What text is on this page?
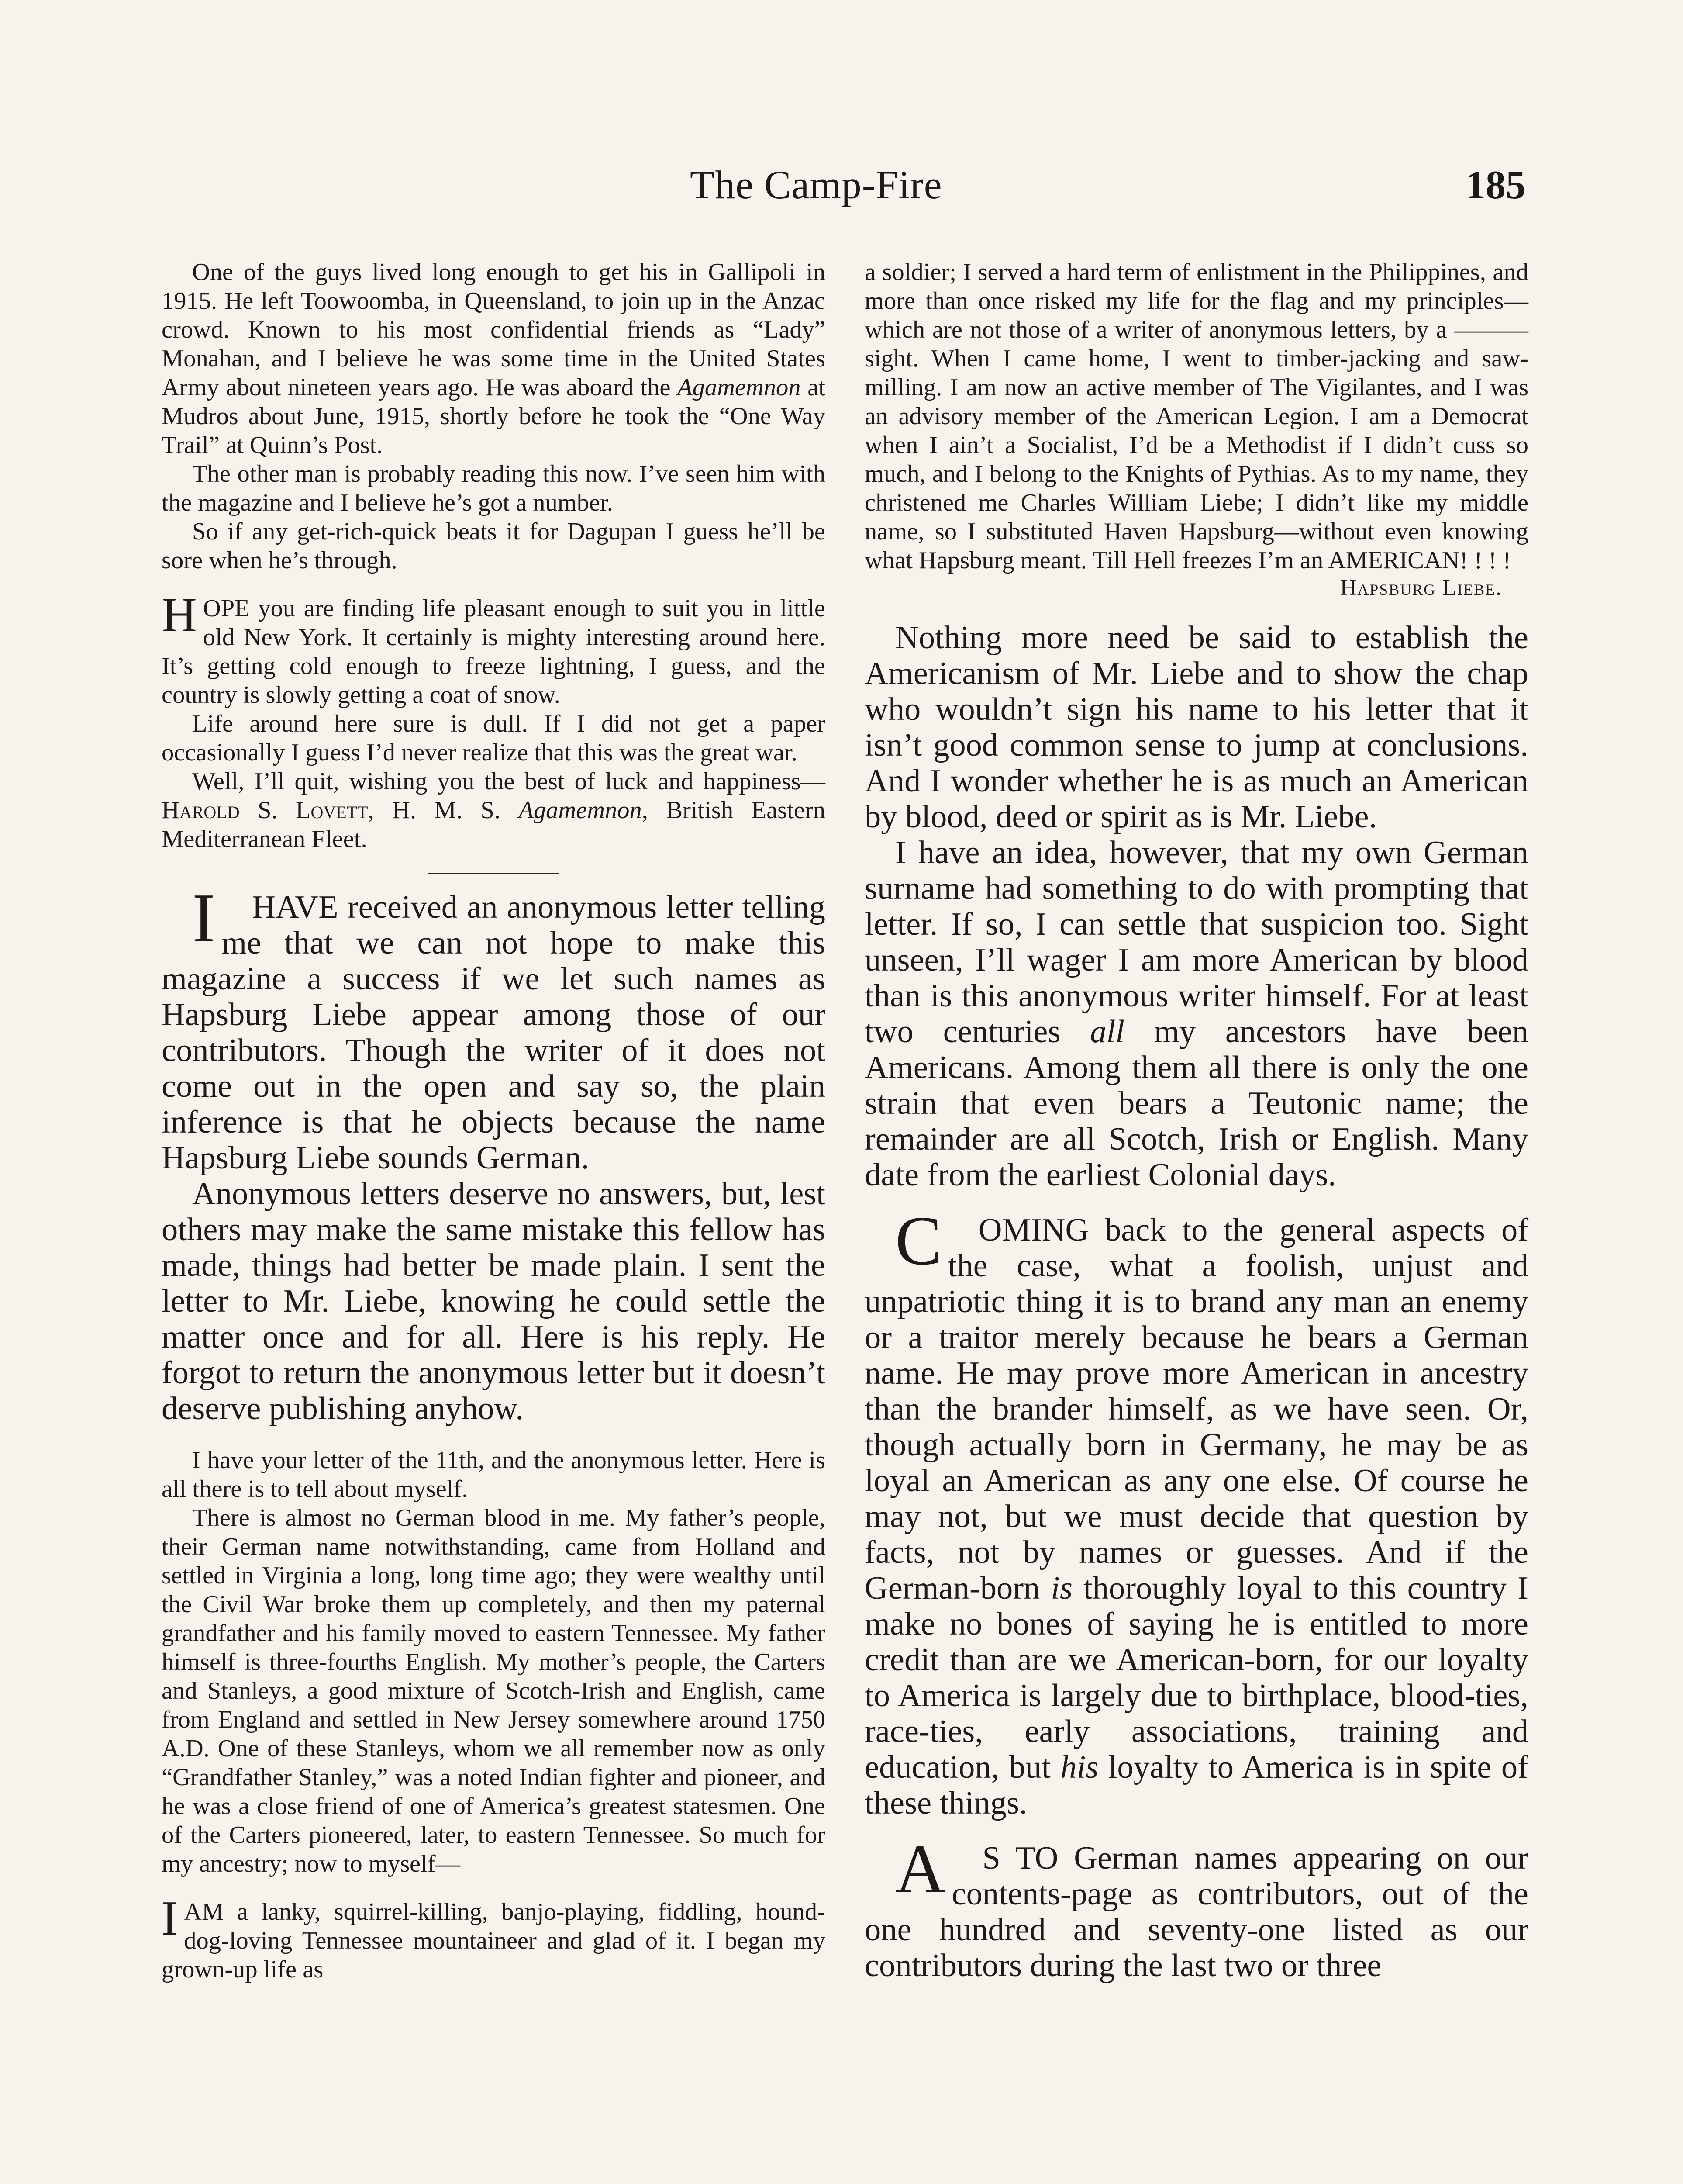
The Camp-Fire	185

One of the guys lived long enough to get his in Gallipoli in 1915. He left Toowoomba, in Queensland, to join up in the Anzac crowd. Known to his most confidential friends as “Lady” Monahan, and I believe he was some time in the United States Army about nineteen years ago. He was aboard the Agamemnon at Mudros about June, 1915, shortly before he took the “One Way Trail” at Quinn’s Post.

The other man is probably reading this now. I’ve seen him with the magazine and I believe he’s got a number.

So if any get-rich-quick beats it for Dagupan I guess he’ll be sore when he’s through.

HOPE you are finding life pleasant enough to suit you in little old New York. It certainly is mighty interesting around here. It’s getting cold enough to freeze lightning, I guess, and the country is slowly getting a coat of snow.

Life around here sure is dull. If I did not get a paper occasionally I guess I’d never realize that this was the great war.

Well, I’ll quit, wishing you the best of luck and happiness—Harold S. Lovett, H. M. S. Agamemnon, British Eastern Mediterranean Fleet.

I HAVE received an anonymous letter telling me that we can not hope to make this magazine a success if we let such names as Hapsburg Liebe appear among those of our contributors. Though the writer of it does not come out in the open and say so, the plain inference is that he objects because the name Hapsburg Liebe sounds German.

Anonymous letters deserve no answers, but, lest others may make the same mistake this fellow has made, things had better be made plain. I sent the letter to Mr. Liebe, knowing he could settle the matter once and for all. Here is his reply. He forgot to return the anonymous letter but it doesn’t deserve publishing anyhow.

I have your letter of the 11th, and the anonymous letter. Here is all there is to tell about myself.

There is almost no German blood in me. My father’s people, their German name notwithstanding, came from Holland and settled in Virginia a long, long time ago; they were wealthy until the Civil War broke them up completely, and then my paternal grandfather and his family moved to eastern Tennessee. My father himself is three-fourths English. My mother’s people, the Carters and Stanleys, a good mixture of Scotch-Irish and English, came from England and settled in New Jersey somewhere around 1750 A.D. One of these Stanleys, whom we all remember now as only “Grandfather Stanley,” was a noted Indian fighter and pioneer, and he was a close friend of one of America’s greatest statesmen. One of the Carters pioneered, later, to eastern Tennessee. So much for my ancestry; now to myself—

IAM a lanky, squirrel-killing, banjo-playing, fiddling, hound-dog-loving Tennessee mountaineer and glad of it. I began my grown-up life as

a soldier; I served a hard term of enlistment in the Philippines, and more than once risked my life for the flag and my principles—which are not those of a writer of anonymous letters, by a ——— sight. When I came home, I went to timber-jacking and saw-milling. I am now an active member of The Vigilantes, and I was an advisory member of the American Legion. I am a Democrat when I ain’t a Socialist, I’d be a Methodist if I didn’t cuss so much, and I belong to the Knights of Pythias. As to my name, they christened me Charles William Liebe; I didn’t like my middle name, so I substituted Haven Hapsburg—without even knowing what Hapsburg meant. Till Hell freezes I’m an AMERICAN! ! ! !

Hapsburg Liebe.

Nothing more need be said to establish the Americanism of Mr. Liebe and to show the chap who wouldn’t sign his name to his letter that it isn’t good common sense to jump at conclusions. And I wonder whether he is as much an American by blood, deed or spirit as is Mr. Liebe.

I have an idea, however, that my own German surname had something to do with prompting that letter. If so, I can settle that suspicion too. Sight unseen, I’ll wager I am more American by blood than is this anonymous writer himself. For at least two centuries all my ancestors have been Americans. Among them all there is only the one strain that even bears a Teutonic name; the remainder are all Scotch, Irish or English. Many date from the earliest Colonial days.

C OMING back to the general aspects of the case, what a foolish, unjust and unpatriotic thing it is to brand any man an enemy or a traitor merely because he bears a German name. He may prove more American in ancestry than the brander himself, as we have seen. Or, though actually born in Germany, he may be as loyal an American as any one else. Of course he may not, but we must decide that question by facts, not by names or guesses. And if the German-born is thoroughly loyal to this country I make no bones of saying he is entitled to more credit than are we American-born, for our loyalty to America is largely due to birthplace, blood-ties, race-ties, early associations, training and education, but his loyalty to America is in spite of these things.

A S TO German names appearing on our contents-page as contributors, out of the one hundred and seventy-one listed as our contributors during the last two or three
